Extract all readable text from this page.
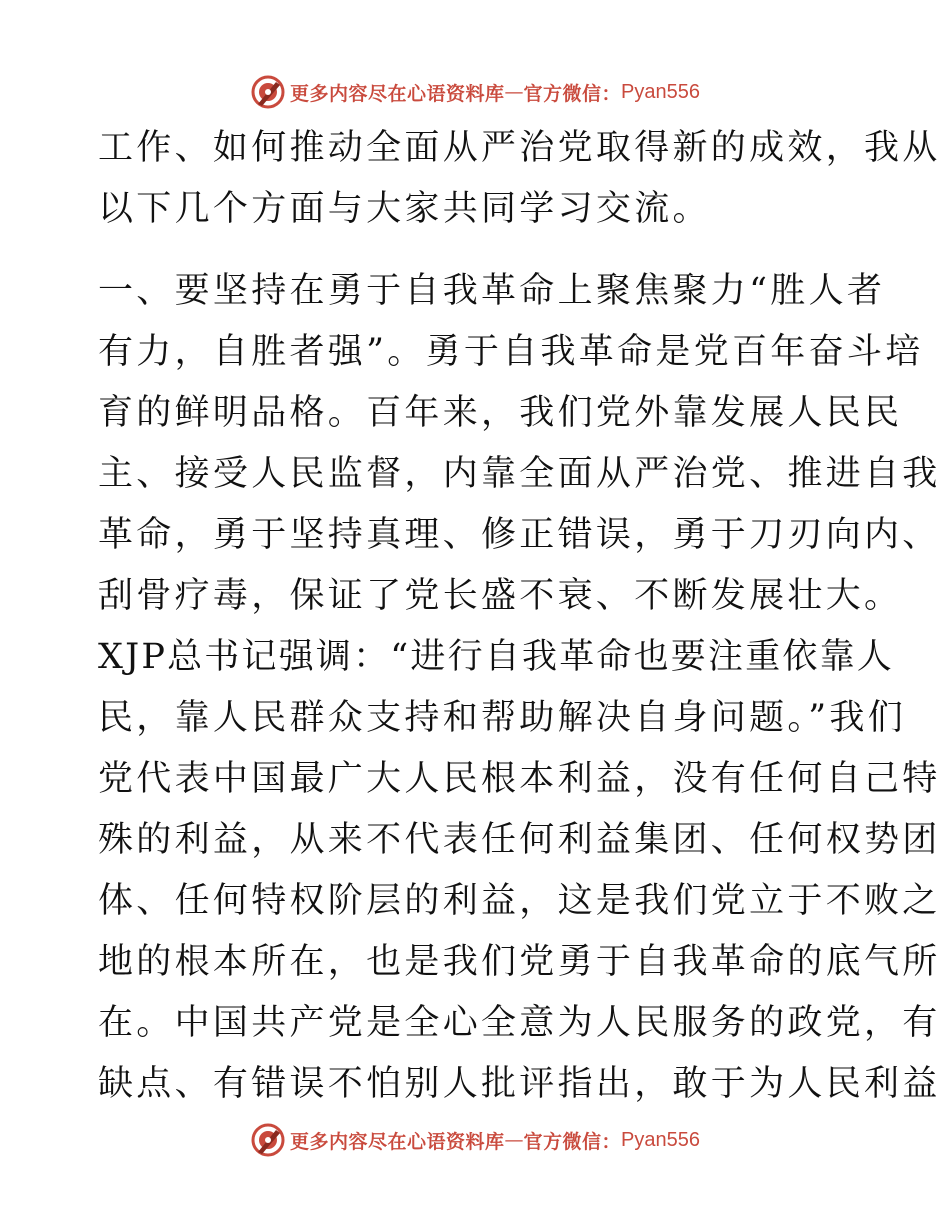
更多内容尽在心语资料库 — 官方微信： Pyan556
工作、如何推动全面从严治党取得新的成效，我从
以下几个方面与大家共同学习交流。
一、要坚持在勇于自我革命上聚焦聚力“胜人者
有力，自胜者强”。勇于自我革命是党百年奋斗培
育的鲜明品格。百年来，我们党外靠发展人民民
主、接受人民监督，内靠全面从严治党、推进自我
革命，勇于坚持真理、修正错误，勇于刀刃向内、
刮骨疗毒，保证了党长盛不衰、不断发展壮大。
XJP总书记强调：“进行自我革命也要注重依靠人
民，靠人民群众支持和帮助解决自身问题。”我们
党代表中国最广大人民根本利益，没有任何自己特
殊的利益，从来不代表任何利益集团、任何权势团
体、任何特权阶层的利益，这是我们党立于不败之
地的根本所在，也是我们党勇于自我革命的底气所
在。中国共产党是全心全意为人民服务的政党，有
缺点、有错误不怕别人批评指出，敢于为人民利益
更多内容尽在心语资料库 — 官方微信： Pyan556
